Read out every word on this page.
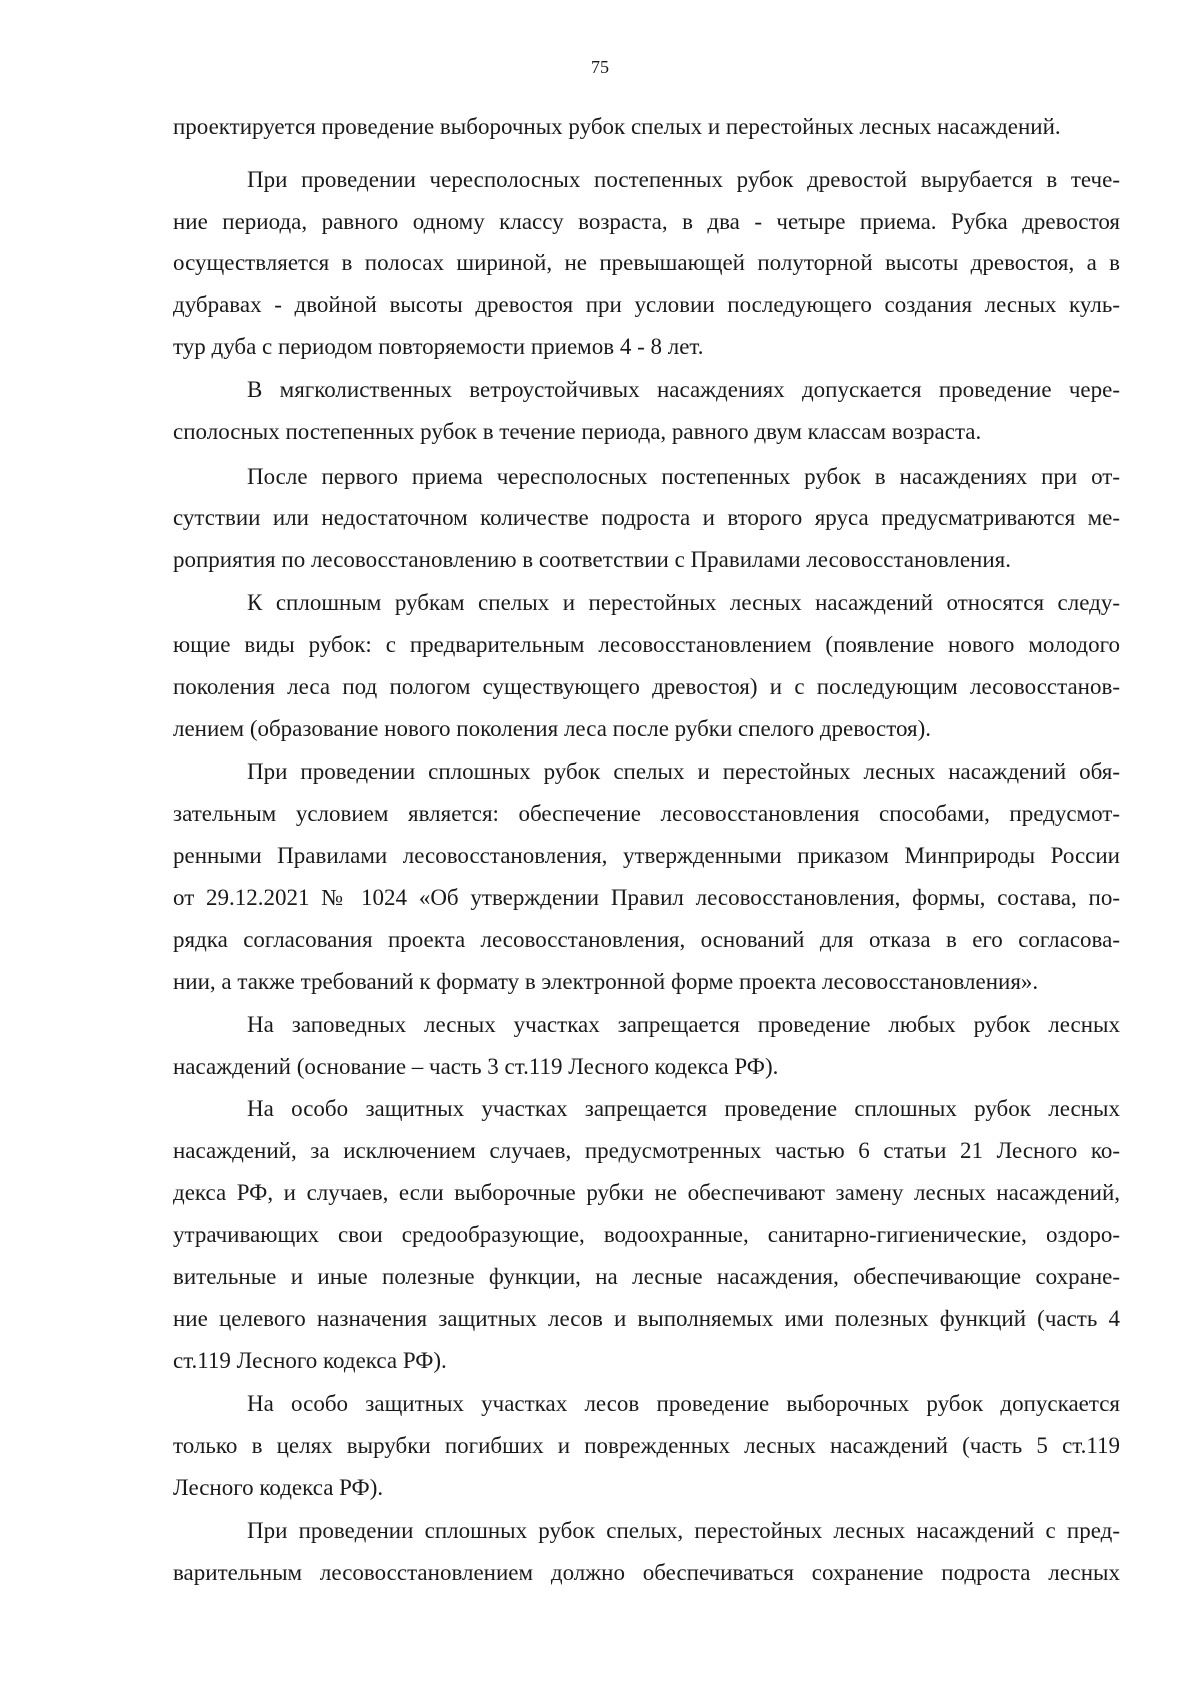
75
проектируется проведение выборочных рубок спелых и перестойных лесных насаждений.
При проведении чересполосных постепенных рубок древостой вырубается в тече-
ние периода, равного одному классу возраста, в два - четыре приема. Рубка древостоя
осуществляется в полосах шириной, не превышающей полуторной высоты древостоя, а в
дубравах - двойной высоты древостоя при условии последующего создания лесных куль-
тур дуба с периодом повторяемости приемов 4 - 8 лет.
В мягколиственных ветроустойчивых насаждениях допускается проведение чере-
сполосных постепенных рубок в течение периода, равного двум классам возраста.
После первого приема чересполосных постепенных рубок в насаждениях при от-
сутствии или недостаточном количестве подроста и второго яруса предусматриваются ме-
роприятия по лесовосстановлению в соответствии с Правилами лесовосстановления.
К сплошным рубкам спелых и перестойных лесных насаждений относятся следу-
ющие виды рубок: с предварительным лесовосстановлением (появление нового молодого
поколения леса под пологом существующего древостоя) и с последующим лесовосстанов-
лением (образование нового поколения леса после рубки спелого древостоя).
При проведении сплошных рубок спелых и перестойных лесных насаждений обя-
зательным условием является: обеспечение лесовосстановления способами, предусмот-
ренными Правилами лесовосстановления, утвержденными приказом Минприроды России
от 29.12.2021 № 1024 «Об утверждении Правил лесовосстановления, формы, состава, по-
рядка согласования проекта лесовосстановления, оснований для отказа в его согласова-
нии, а также требований к формату в электронной форме проекта лесовосстановления».
На заповедных лесных участках запрещается проведение любых рубок лесных
насаждений (основание – часть 3 ст.119 Лесного кодекса РФ).
На особо защитных участках запрещается проведение сплошных рубок лесных
насаждений, за исключением случаев, предусмотренных частью 6 статьи 21 Лесного ко-
декса РФ, и случаев, если выборочные рубки не обеспечивают замену лесных насаждений,
утрачивающих свои средообразующие, водоохранные, санитарно-гигиенические, оздоро-
вительные и иные полезные функции, на лесные насаждения, обеспечивающие сохране-
ние целевого назначения защитных лесов и выполняемых ими полезных функций (часть 4
ст.119 Лесного кодекса РФ).
На особо защитных участках лесов проведение выборочных рубок допускается
только в целях вырубки погибших и поврежденных лесных насаждений (часть 5 ст.119
Лесного кодекса РФ).
При проведении сплошных рубок спелых, перестойных лесных насаждений с пред-
варительным лесовосстановлением должно обеспечиваться сохранение подроста лесных
